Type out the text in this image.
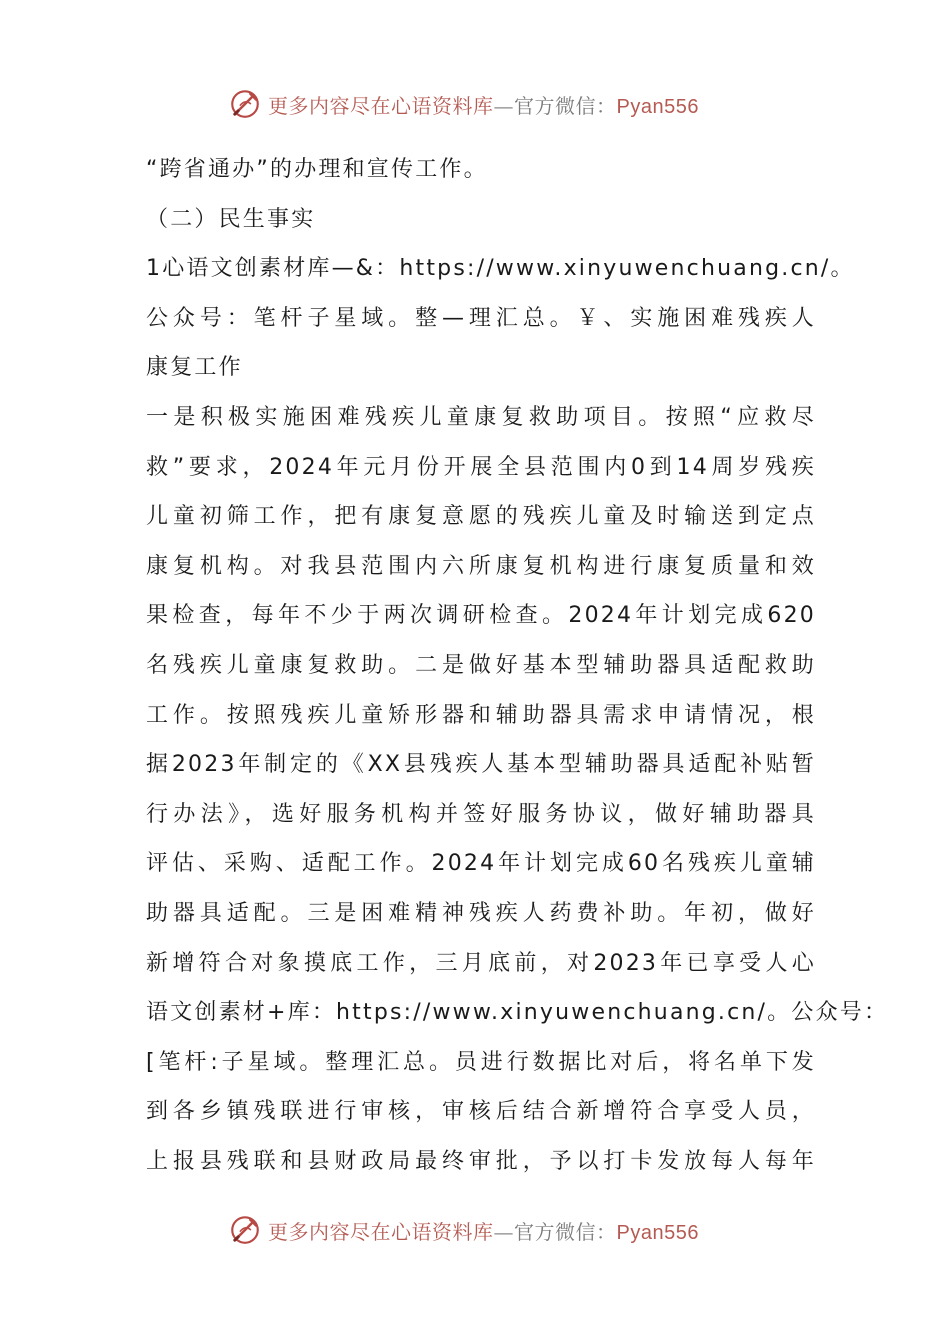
更多内容尽在心语资料库—官方微信：Pyan556
“跨省通办”的办理和宣传工作。
（二）民生事实
1心语文创素材库—&：https://www.xinyuwenchuang.cn/。
公众号：笔杆子星域。整—理汇总。￥、实施困难残疾人
康复工作
一是积极实施困难残疾儿童康复救助项目。按照“应救尽
救”要求，2024年元月份开展全县范围内0到14周岁残疾
儿童初筛工作，把有康复意愿的残疾儿童及时输送到定点
康复机构。对我县范围内六所康复机构进行康复质量和效
果检查，每年不少于两次调研检查。2024年计划完成620
名残疾儿童康复救助。二是做好基本型辅助器具适配救助
工作。按照残疾儿童矫形器和辅助器具需求申请情况，根
据2023年制定的《XX县残疾人基本型辅助器具适配补贴暂
行办法》，选好服务机构并签好服务协议，做好辅助器具
评估、采购、适配工作。2024年计划完成60名残疾儿童辅
助器具适配。三是困难精神残疾人药费补助。年初，做好
新增符合对象摸底工作，三月底前，对2023年已享受人心
语文创素材+库：https://www.xinyuwenchuang.cn/。公众号：
[笔杆:子星域。整理汇总。员进行数据比对后，将名单下发
到各乡镇残联进行审核，审核后结合新增符合享受人员，
上报县残联和县财政局最终审批，予以打卡发放每人每年
更多内容尽在心语资料库—官方微信：Pyan556
